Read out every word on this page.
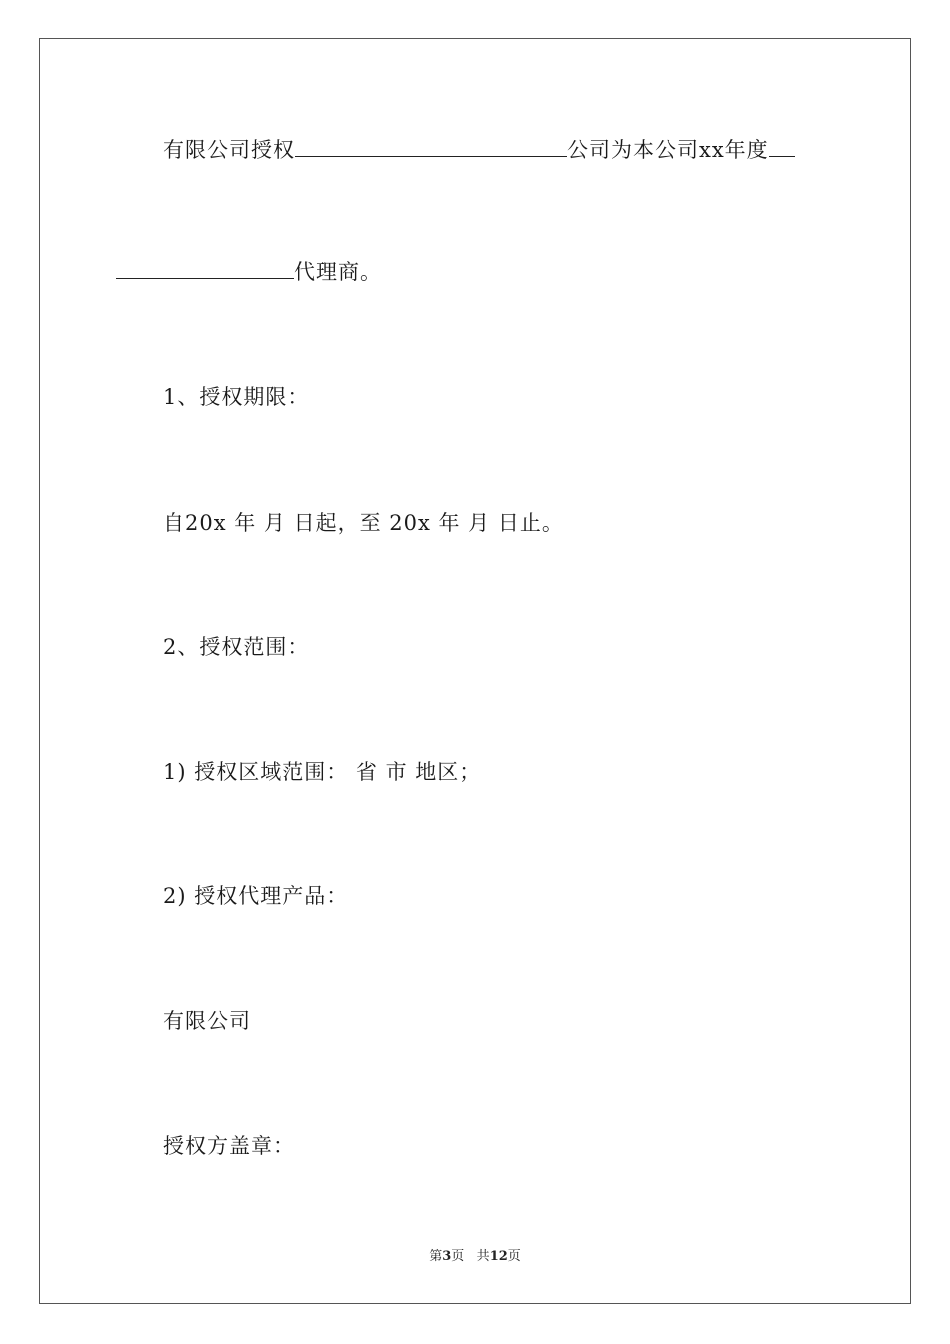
有限公司授权	公司为本公司xx年度
代理商。
1、授权期限：
自20x 年 月 日起，至 20x 年 月 日止。
2、授权范围：
1) 授权区域范围： 省 市 地区；
2) 授权代理产品：
有限公司
授权方盖章：
第3页 共12页
